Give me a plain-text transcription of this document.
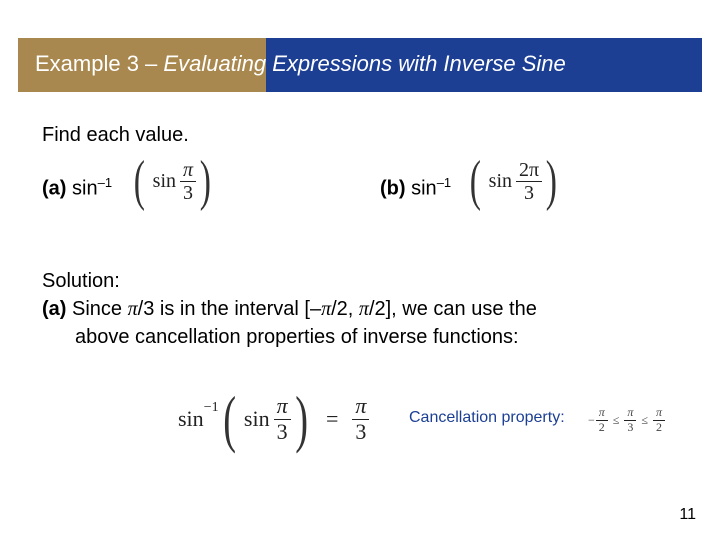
Example 3 – Evaluating Expressions with Inverse Sine
Find each value.
(a) $\sin^{-1}$ ( $\sin \frac{\pi}{3}$ )	(b) $\sin^{-1}$ ( $\sin \frac{2\pi}{3}$ )
Solution:
(a) Since π/3 is in the interval [–π/2, π/2], we can use the
above cancellation properties of inverse functions:
$\sin^{-1}$ ( $\sin \frac{\pi}{3}$ ) = $\frac{\pi}{3}$ Cancellation property: − $\frac{\pi}{2} \le \frac{\pi}{3} \le \frac{\pi}{2}$
11
